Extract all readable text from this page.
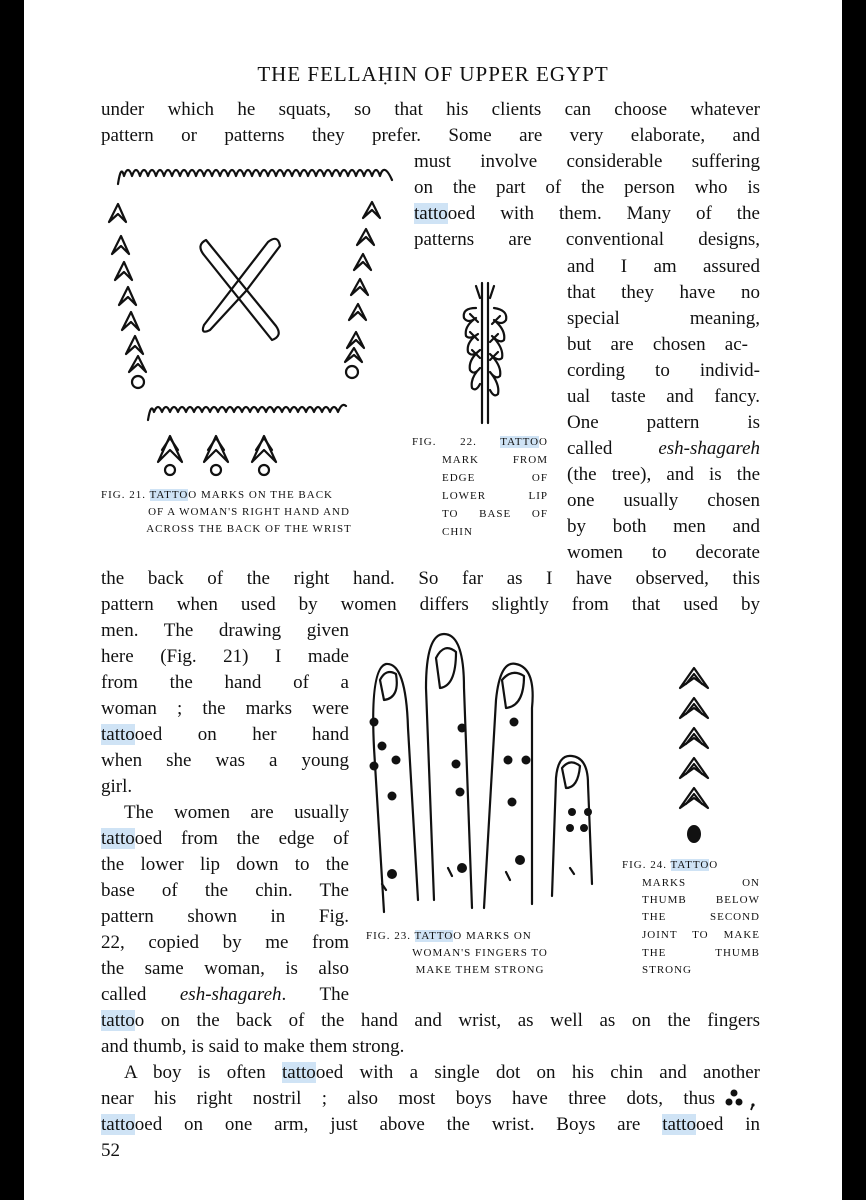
THE FELLAḤIN OF UPPER EGYPT

under which he squats, so that his clients can choose whatever

pattern or patterns they prefer. Some are very elaborate, and

must involve considerable suffering

on the part of the person who is

tattooed with them. Many of the

patterns are conventional designs,

and I am assured

that they have no

special meaning,

but are chosen ac-

cording to individ-

ual taste and fancy.

One pattern is

called esh-shagareh

(the tree), and is the

one usually chosen

by both men and

women to decorate

the back of the right hand. So far as I have observed, this

pattern when used by women differs slightly from that used by

men. The drawing given

here (Fig. 21) I made

from the hand of a

woman ; the marks were

tattooed on her hand

when she was a young

girl.

The women are usually

tattooed from the edge of

the lower lip down to the

base of the chin. The

pattern shown in Fig.

22, copied by me from

the same woman, is also

called esh-shagareh. The

tattoo on the back of the hand and wrist, as well as on the fingers

and thumb, is said to make them strong.

A boy is often tattooed with a single dot on his chin and another

near his right nostril ; also most boys have three dots, thus

tattooed on one arm, just above the wrist. Boys are tattooed in

52
FIG. 21. TATTOO MARKS ON THE BACK
OF A WOMAN'S RIGHT HAND AND
ACROSS THE BACK OF THE WRIST
FIG. 22. TATTOO
MARK FROM
EDGE OF
LOWER LIP
TO BASE OF
CHIN
FIG. 23. TATTOO MARKS ON
WOMAN'S FINGERS TO
MAKE THEM STRONG
FIG. 24. TATTOO
MARKS ON
THUMB BELOW
THE SECOND
JOINT TO MAKE
THE THUMB
STRONG
